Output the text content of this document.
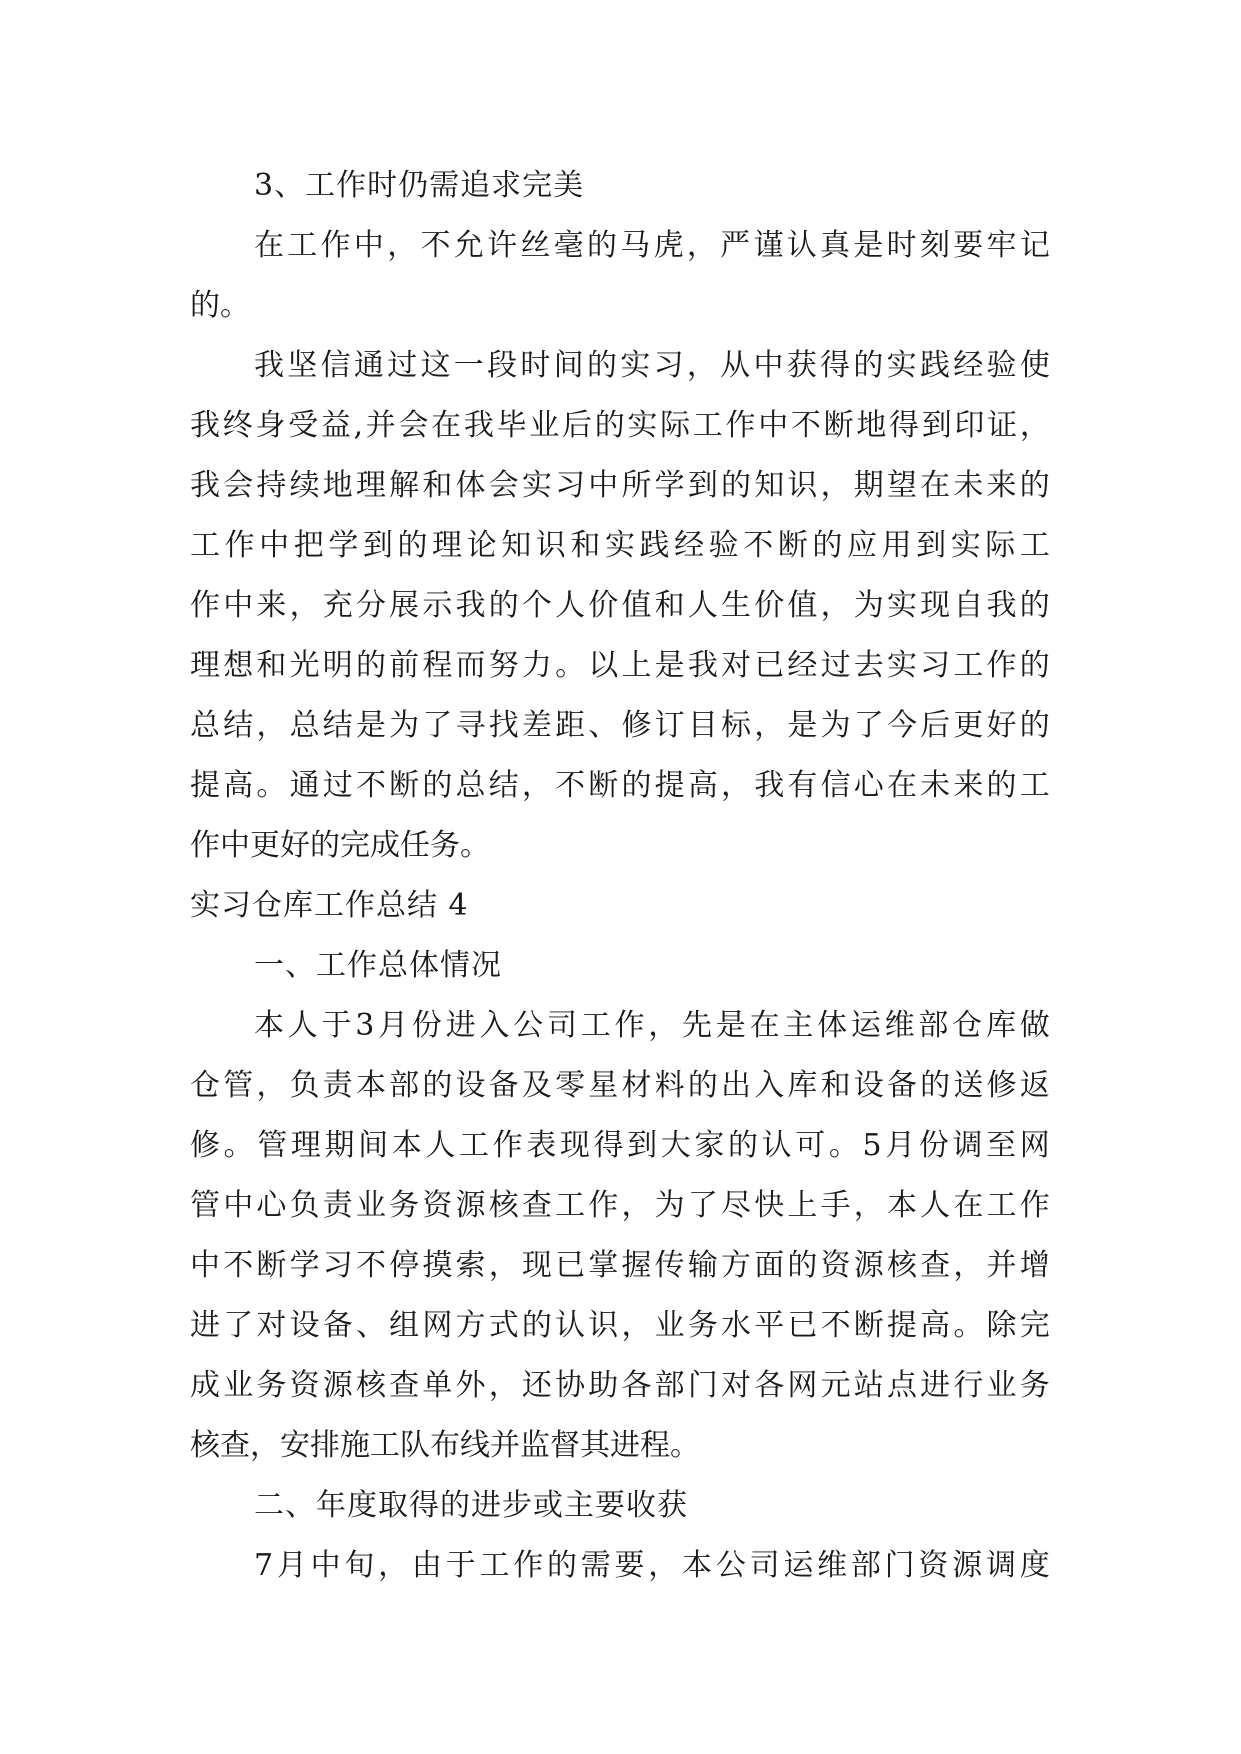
3、工作时仍需追求完美
在 工 作 中 ， 不 允 许 丝 毫 的 马 虎 ， 严 谨 认 真 是 时 刻 要 牢 记
的。
我 坚 信 通 过 这 一 段 时 间 的 实 习 ， 从 中 获 得 的 实 践 经 验 使
我 终 身 受 益 , 并 会 在 我 毕 业 后 的 实 际 工 作 中 不 断 地 得 到 印 证 ，
我 会 持 续 地 理 解 和 体 会 实 习 中 所 学 到 的 知 识 ， 期 望 在 未 来 的
工 作 中 把 学 到 的 理 论 知 识 和 实 践 经 验 不 断 的 应 用 到 实 际 工
作 中 来 ， 充 分 展 示 我 的 个 人 价 值 和 人 生 价 值 ， 为 实 现 自 我 的
理 想 和 光 明 的 前 程 而 努 力 。 以 上 是 我 对 已 经 过 去 实 习 工 作 的
总 结 ， 总 结 是 为 了 寻 找 差 距 、 修 订 目 标 ， 是 为 了 今 后 更 好 的
提 高 。 通 过 不 断 的 总 结 ， 不 断 的 提 高 ， 我 有 信 心 在 未 来 的 工
作中更好的完成任务。
实习仓库工作总结 4
一、工作总体情况
本 人 于 3 月 份 进 入 公 司 工 作 ， 先 是 在 主 体 运 维 部 仓 库 做
仓 管 ， 负 责 本 部 的 设 备 及 零 星 材 料 的 出 入 库 和 设 备 的 送 修 返
修 。 管 理 期 间 本 人 工 作 表 现 得 到 大 家 的 认 可 。 5 月 份 调 至 网
管 中 心 负 责 业 务 资 源 核 查 工 作 ， 为 了 尽 快 上 手 ， 本 人 在 工 作
中 不 断 学 习 不 停 摸 索 ， 现 已 掌 握 传 输 方 面 的 资 源 核 查 ， 并 增
进 了 对 设 备 、 组 网 方 式 的 认 识 ， 业 务 水 平 已 不 断 提 高 。 除 完
成 业 务 资 源 核 查 单 外 ， 还 协 助 各 部 门 对 各 网 元 站 点 进 行 业 务
核查，安排施工队布线并监督其进程。
二、年度取得的进步或主要收获
7 月 中 旬 ， 由 于 工 作 的 需 要 ， 本 公 司 运 维 部 门 资 源 调 度
